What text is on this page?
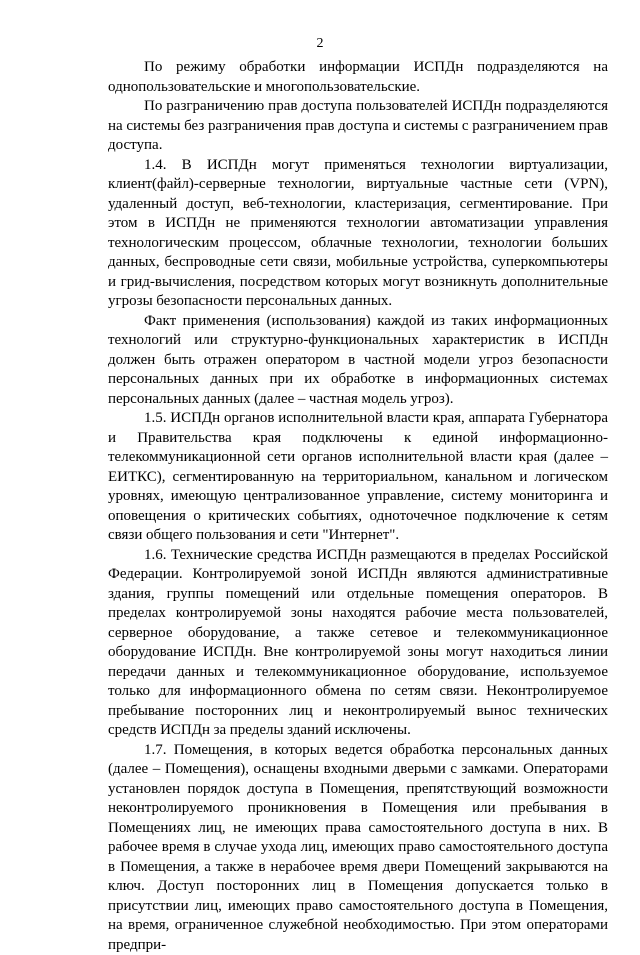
2

По режиму обработки информации ИСПДн подразделяются на однопользовательские и многопользовательские.

По разграничению прав доступа пользователей ИСПДн подразделяются на системы без разграничения прав доступа и системы с разграничением прав доступа.

1.4. В ИСПДн могут применяться технологии виртуализации, клиент(файл)-серверные технологии, виртуальные частные сети (VPN), удаленный доступ, веб-технологии, кластеризация, сегментирование. При этом в ИСПДн не применяются технологии автоматизации управления технологическим процессом, облачные технологии, технологии больших данных, беспроводные сети связи, мобильные устройства, суперкомпьютеры и грид-вычисления, посредством которых могут возникнуть дополнительные угрозы безопасности персональных данных.

Факт применения (использования) каждой из таких информационных технологий или структурно-функциональных характеристик в ИСПДн должен быть отражен оператором в частной модели угроз безопасности персональных данных при их обработке в информационных системах персональных данных (далее – частная модель угроз).

1.5. ИСПДн органов исполнительной власти края, аппарата Губернатора и Правительства края подключены к единой информационно-телекоммуникационной сети органов исполнительной власти края (далее – ЕИТКС), сегментированную на территориальном, канальном и логическом уровнях, имеющую централизованное управление, систему мониторинга и оповещения о критических событиях, одноточечное подключение к сетям связи общего пользования и сети "Интернет".

1.6. Технические средства ИСПДн размещаются в пределах Российской Федерации. Контролируемой зоной ИСПДн являются административные здания, группы помещений или отдельные помещения операторов. В пределах контролируемой зоны находятся рабочие места пользователей, серверное оборудование, а также сетевое и телекоммуникационное оборудование ИСПДн. Вне контролируемой зоны могут находиться линии передачи данных и телекоммуникационное оборудование, используемое только для информационного обмена по сетям связи. Неконтролируемое пребывание посторонних лиц и неконтролируемый вынос технических средств ИСПДн за пределы зданий исключены.

1.7. Помещения, в которых ведется обработка персональных данных (далее – Помещения), оснащены входными дверьми с замками. Операторами установлен порядок доступа в Помещения, препятствующий возможности неконтролируемого проникновения в Помещения или пребывания в Помещениях лиц, не имеющих права самостоятельного доступа в них. В рабочее время в случае ухода лиц, имеющих право самостоятельного доступа в Помещения, а также в нерабочее время двери Помещений закрываются на ключ. Доступ посторонних лиц в Помещения допускается только в присутствии лиц, имеющих право самостоятельного доступа в Помещения, на время, ограниченное служебной необходимостью. При этом операторами предпри-
